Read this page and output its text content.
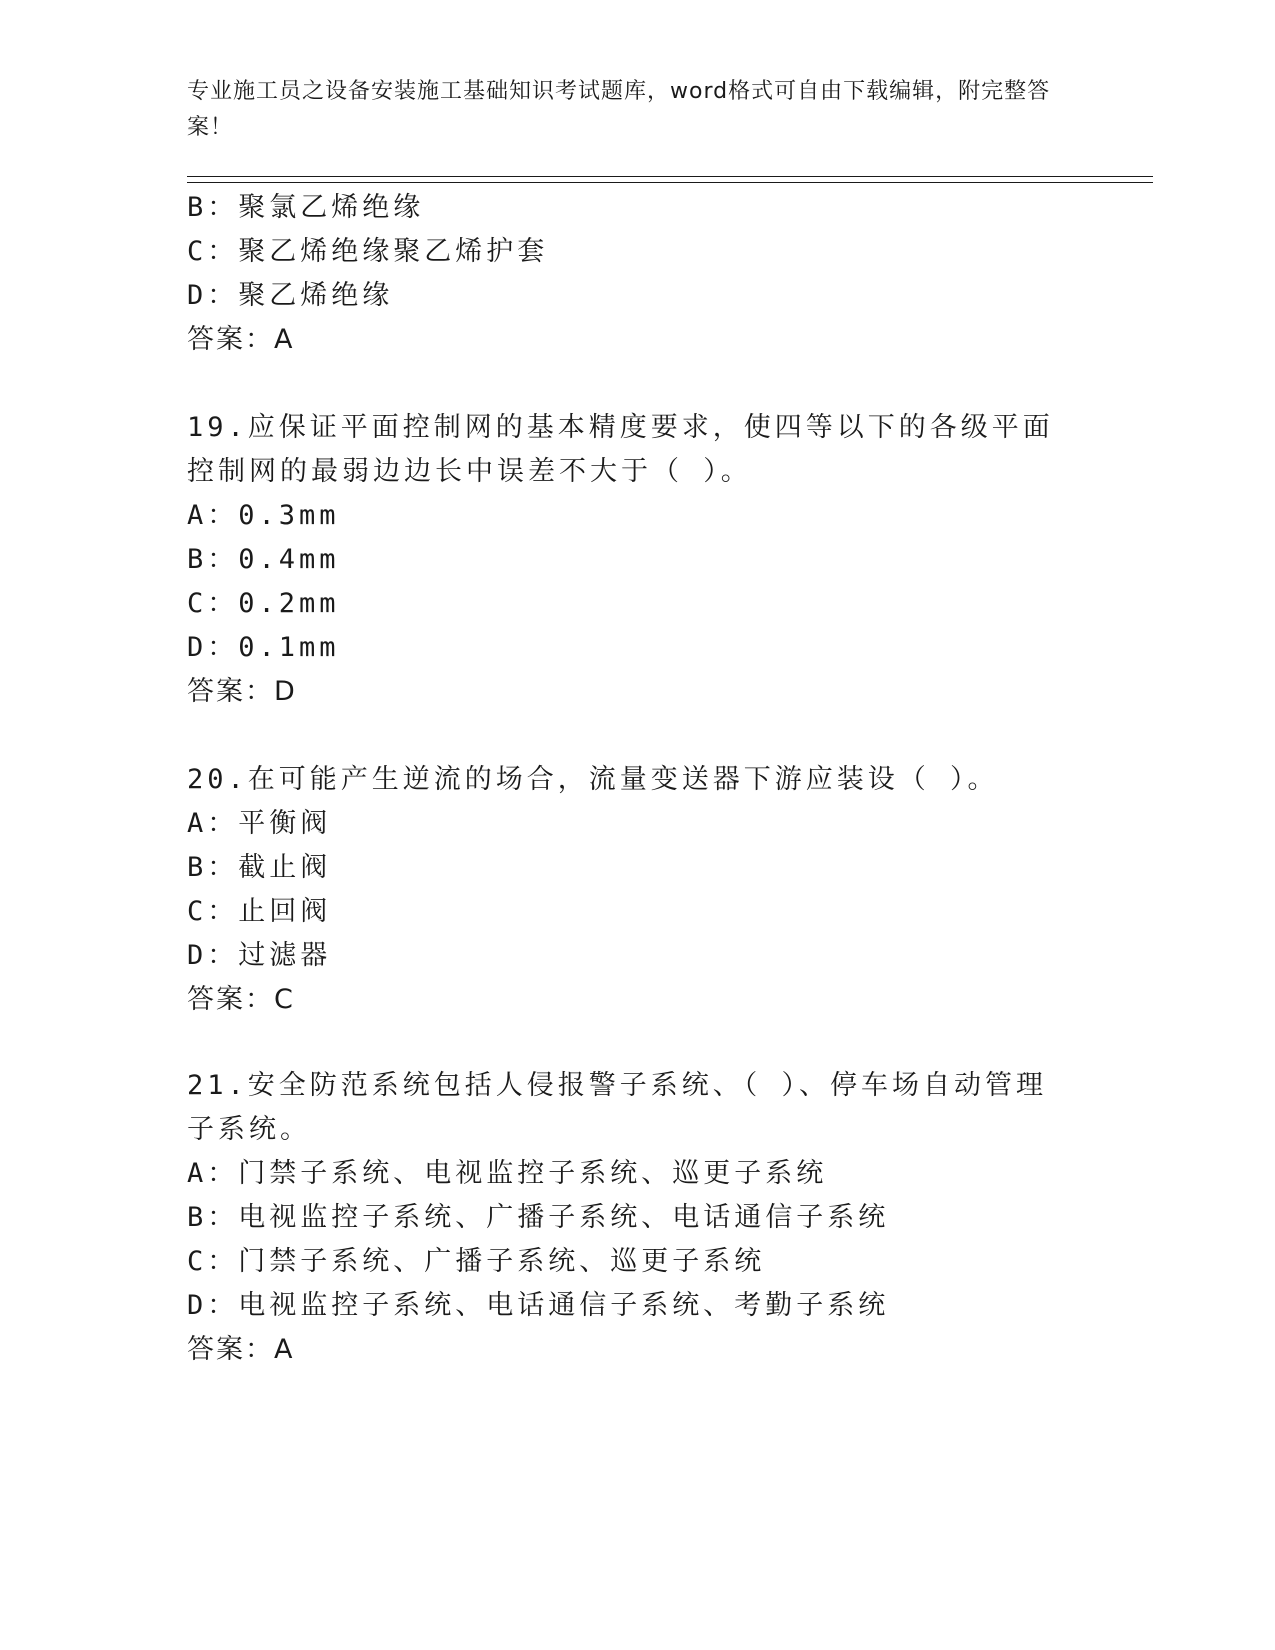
专业施工员之设备安装施工基础知识考试题库，word格式可自由下载编辑，附完整答案！
B：聚氯乙烯绝缘
C：聚乙烯绝缘聚乙烯护套
D：聚乙烯绝缘
答案：A
19.应保证平面控制网的基本精度要求，使四等以下的各级平面控制网的最弱边边长中误差不大于（ ）。
A：0.3mm
B：0.4mm
C：0.2mm
D：0.1mm
答案：D
20.在可能产生逆流的场合，流量变送器下游应装设（ ）。
A：平衡阀
B：截止阀
C：止回阀
D：过滤器
答案：C
21.安全防范系统包括人侵报警子系统、（ ）、停车场自动管理子系统。
A：门禁子系统、电视监控子系统、巡更子系统
B：电视监控子系统、广播子系统、电话通信子系统
C：门禁子系统、广播子系统、巡更子系统
D：电视监控子系统、电话通信子系统、考勤子系统
答案：A
